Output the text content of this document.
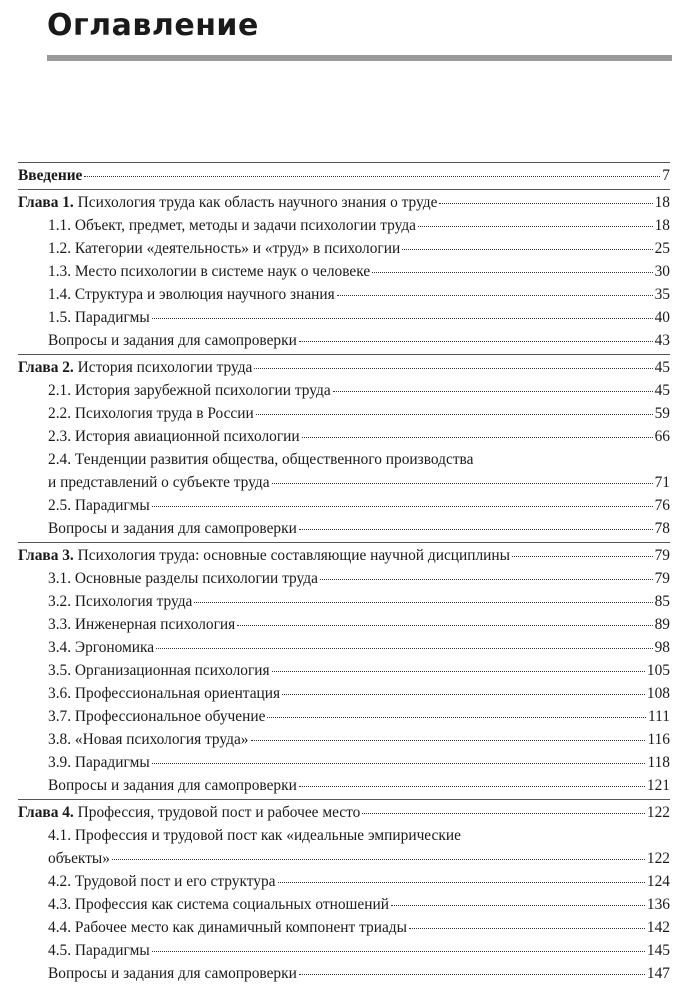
Оглавление
Введение	7
Глава 1. Психология труда как область научного знания о труде	18
1.1. Объект, предмет, методы и задачи психологии труда	18
1.2. Категории «деятельность» и «труд» в психологии	25
1.3. Место психологии в системе наук о человеке	30
1.4. Структура и эволюция научного знания	35
1.5. Парадигмы	40
Вопросы и задания для самопроверки	43
Глава 2. История психологии труда	45
2.1. История зарубежной психологии труда	45
2.2. Психология труда в России	59
2.3. История авиационной психологии	66
2.4. Тенденции развития общества, общественного производства
и представлений о субъекте труда	71
2.5. Парадигмы	76
Вопросы и задания для самопроверки	78
Глава 3. Психология труда: основные составляющие научной дисциплины	79
3.1. Основные разделы психологии труда	79
3.2. Психология труда	85
3.3. Инженерная психология	89
3.4. Эргономика	98
3.5. Организационная психология	105
3.6. Профессиональная ориентация	108
3.7. Профессиональное обучение	111
3.8. «Новая психология труда»	116
3.9. Парадигмы	118
Вопросы и задания для самопроверки	121
Глава 4. Профессия, трудовой пост и рабочее место	122
4.1. Профессия и трудовой пост как «идеальные эмпирические
объекты»	122
4.2. Трудовой пост и его структура	124
4.3. Профессия как система социальных отношений	136
4.4. Рабочее место как динамичный компонент триады	142
4.5. Парадигмы	145
Вопросы и задания для самопроверки	147
